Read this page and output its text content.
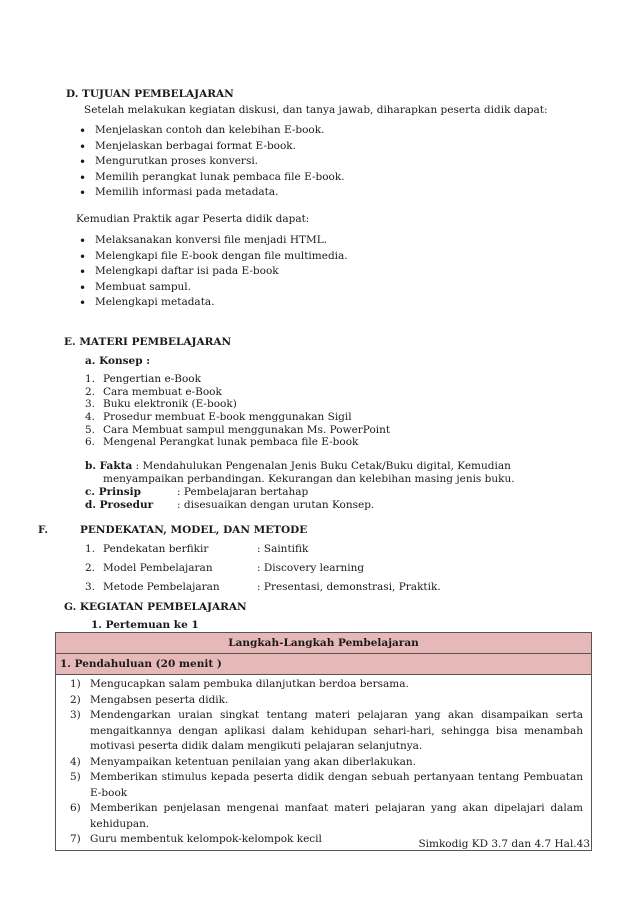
D. TUJUAN PEMBELAJARAN
Setelah melakukan kegiatan diskusi, dan tanya jawab, diharapkan peserta didik dapat:
• Menjelaskan contoh dan kelebihan E-book.
• Menjelaskan berbagai format E-book.
• Mengurutkan proses konversi.
• Memilih perangkat lunak pembaca file E-book.
• Memilih informasi pada metadata.
Kemudian Praktik agar Peserta didik dapat:
• Melaksanakan konversi file menjadi HTML.
• Melengkapi file E-book dengan file multimedia.
• Melengkapi daftar isi pada E-book
• Membuat sampul.
• Melengkapi metadata.
E. MATERI PEMBELAJARAN
a. Konsep :
1. Pengertian e-Book
2. Cara membuat e-Book
3. Buku elektronik (E-book)
4. Prosedur membuat E-book menggunakan Sigil
5. Cara Membuat sampul menggunakan Ms. PowerPoint
6. Mengenal Perangkat lunak pembaca file E-book
b. Fakta : Mendahulukan Pengenalan Jenis Buku Cetak/Buku digital, Kemudian
menyampaikan perbandingan. Kekurangan dan kelebihan masing jenis buku.
c. Prinsip	: Pembelajaran bertahap
d. Prosedur : disesuaikan dengan urutan Konsep.
F.	PENDEKATAN, MODEL, DAN METODE
1. Pendekatan berfikir	: Saintifik
2. Model Pembelajaran	: Discovery learning
3. Metode Pembelajaran	: Presentasi, demonstrasi, Praktik.
G. KEGIATAN PEMBELAJARAN
1. Pertemuan ke 1
Langkah-Langkah Pembelajaran
1. Pendahuluan (20 menit )

1) Mengucapkan salam pembuka dilanjutkan berdoa bersama.
2) Mengabsen peserta didik.
3) Mendengarkan uraian singkat tentang materi pelajaran yang akan disampaikan serta mengaitkannya dengan aplikasi dalam kehidupan sehari-hari, sehingga bisa menambah motivasi peserta didik dalam mengikuti pelajaran selanjutnya.
4) Menyampaikan ketentuan penilaian yang akan diberlakukan.
5) Memberikan stimulus kepada peserta didik dengan sebuah pertanyaan tentang Pembuatan E-book
6) Memberikan penjelasan mengenai manfaat materi pelajaran yang akan dipelajari dalam kehidupan.
7) Guru membentuk kelompok-kelompok kecil	Simkodig KD 3.7 dan 4.7 Hal.43
